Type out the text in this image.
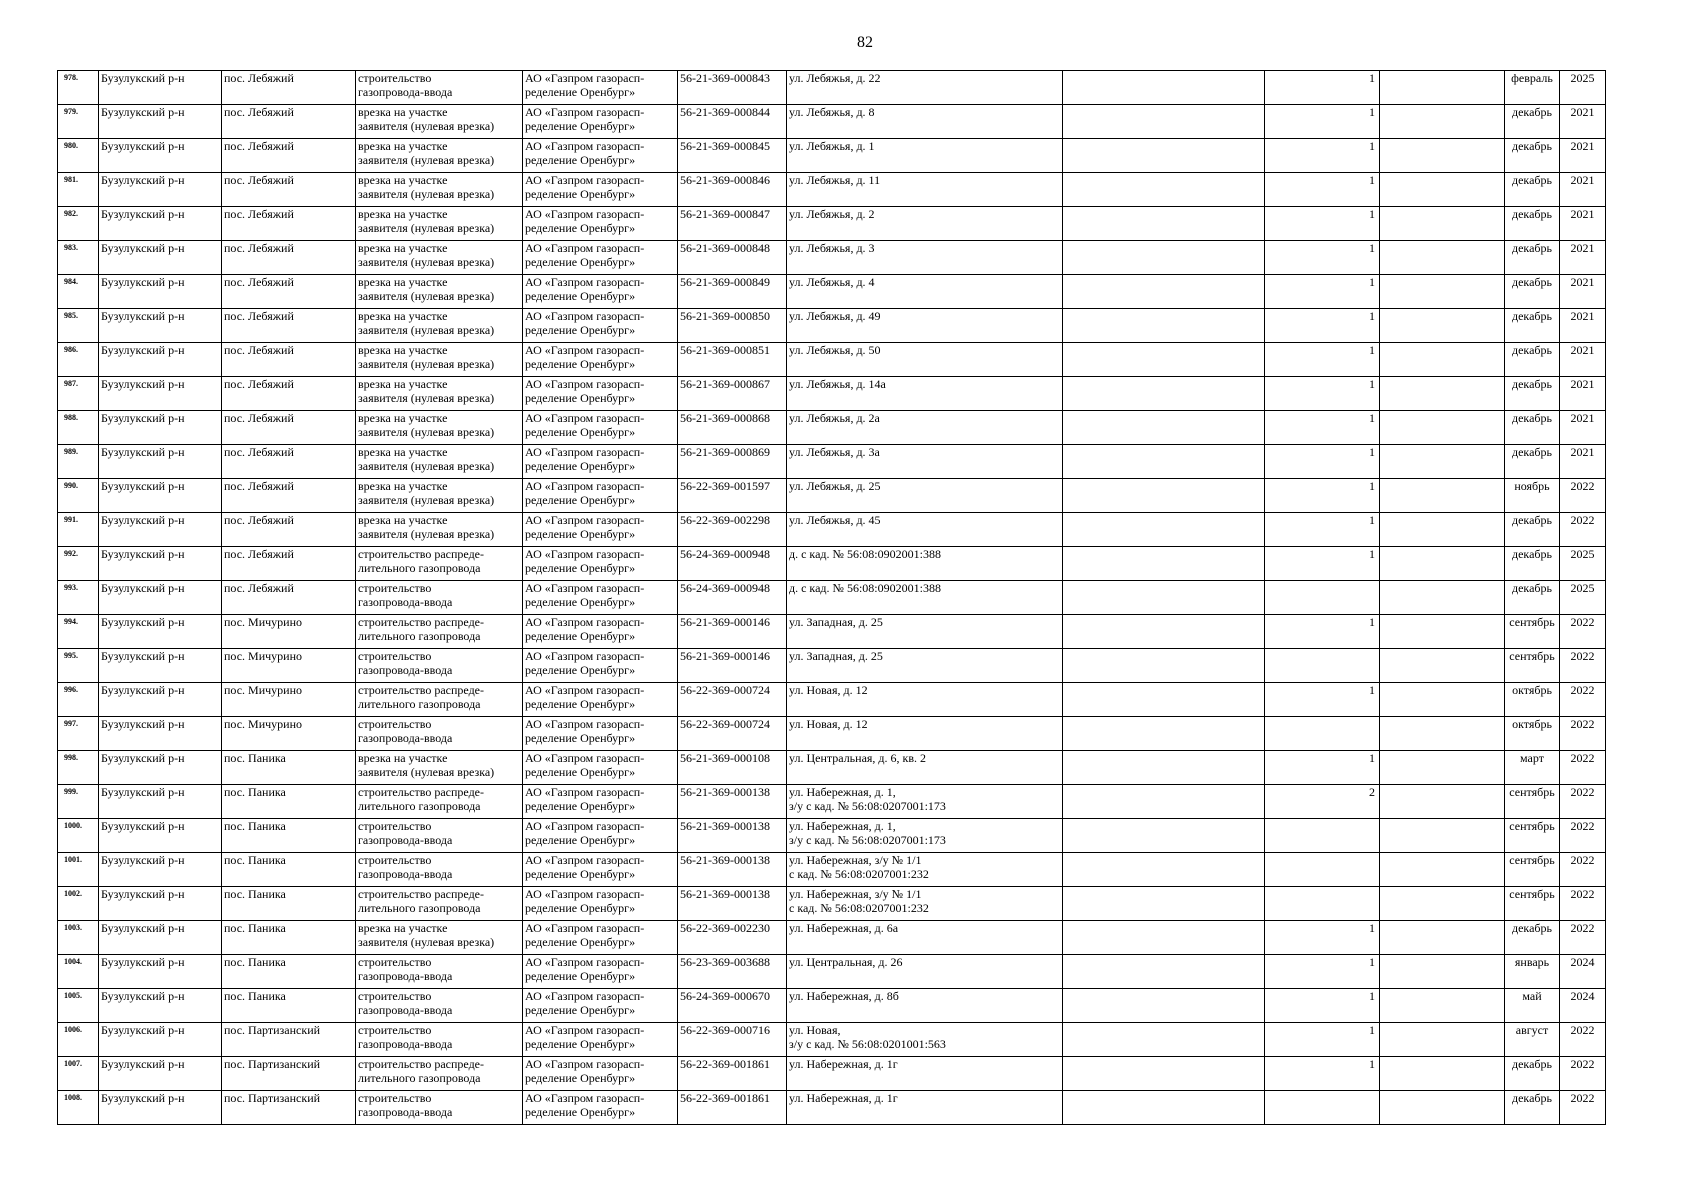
82
978.	Бузулукский р-н	пос. Лебяжий	строительство
газопровода-ввода	АО «Газпром газорасп-
ределение Оренбург»	56-21-369-000843	ул. Лебяжья, д. 22		1		февраль	2025
979.	Бузулукский р-н	пос. Лебяжий	врезка на участке
заявителя (нулевая врезка)	АО «Газпром газорасп-
ределение Оренбург»	56-21-369-000844	ул. Лебяжья, д. 8		1		декабрь	2021
980.	Бузулукский р-н	пос. Лебяжий	врезка на участке
заявителя (нулевая врезка)	АО «Газпром газорасп-
ределение Оренбург»	56-21-369-000845	ул. Лебяжья, д. 1		1		декабрь	2021
981.	Бузулукский р-н	пос. Лебяжий	врезка на участке
заявителя (нулевая врезка)	АО «Газпром газорасп-
ределение Оренбург»	56-21-369-000846	ул. Лебяжья, д. 11		1		декабрь	2021
982.	Бузулукский р-н	пос. Лебяжий	врезка на участке
заявителя (нулевая врезка)	АО «Газпром газорасп-
ределение Оренбург»	56-21-369-000847	ул. Лебяжья, д. 2		1		декабрь	2021
983.	Бузулукский р-н	пос. Лебяжий	врезка на участке
заявителя (нулевая врезка)	АО «Газпром газорасп-
ределение Оренбург»	56-21-369-000848	ул. Лебяжья, д. 3		1		декабрь	2021
984.	Бузулукский р-н	пос. Лебяжий	врезка на участке
заявителя (нулевая врезка)	АО «Газпром газорасп-
ределение Оренбург»	56-21-369-000849	ул. Лебяжья, д. 4		1		декабрь	2021
985.	Бузулукский р-н	пос. Лебяжий	врезка на участке
заявителя (нулевая врезка)	АО «Газпром газорасп-
ределение Оренбург»	56-21-369-000850	ул. Лебяжья, д. 49		1		декабрь	2021
986.	Бузулукский р-н	пос. Лебяжий	врезка на участке
заявителя (нулевая врезка)	АО «Газпром газорасп-
ределение Оренбург»	56-21-369-000851	ул. Лебяжья, д. 50		1		декабрь	2021
987.	Бузулукский р-н	пос. Лебяжий	врезка на участке
заявителя (нулевая врезка)	АО «Газпром газорасп-
ределение Оренбург»	56-21-369-000867	ул. Лебяжья, д. 14а		1		декабрь	2021
988.	Бузулукский р-н	пос. Лебяжий	врезка на участке
заявителя (нулевая врезка)	АО «Газпром газорасп-
ределение Оренбург»	56-21-369-000868	ул. Лебяжья, д. 2а		1		декабрь	2021
989.	Бузулукский р-н	пос. Лебяжий	врезка на участке
заявителя (нулевая врезка)	АО «Газпром газорасп-
ределение Оренбург»	56-21-369-000869	ул. Лебяжья, д. 3а		1		декабрь	2021
990.	Бузулукский р-н	пос. Лебяжий	врезка на участке
заявителя (нулевая врезка)	АО «Газпром газорасп-
ределение Оренбург»	56-22-369-001597	ул. Лебяжья, д. 25		1		ноябрь	2022
991.	Бузулукский р-н	пос. Лебяжий	врезка на участке
заявителя (нулевая врезка)	АО «Газпром газорасп-
ределение Оренбург»	56-22-369-002298	ул. Лебяжья, д. 45		1		декабрь	2022
992.	Бузулукский р-н	пос. Лебяжий	строительство распреде-
лительного газопровода	АО «Газпром газорасп-
ределение Оренбург»	56-24-369-000948	д. с кад. № 56:08:0902001:388		1		декабрь	2025
993.	Бузулукский р-н	пос. Лебяжий	строительство
газопровода-ввода	АО «Газпром газорасп-
ределение Оренбург»	56-24-369-000948	д. с кад. № 56:08:0902001:388				декабрь	2025
994.	Бузулукский р-н	пос. Мичурино	строительство распреде-
лительного газопровода	АО «Газпром газорасп-
ределение Оренбург»	56-21-369-000146	ул. Западная, д. 25		1		сентябрь	2022
995.	Бузулукский р-н	пос. Мичурино	строительство
газопровода-ввода	АО «Газпром газорасп-
ределение Оренбург»	56-21-369-000146	ул. Западная, д. 25				сентябрь	2022
996.	Бузулукский р-н	пос. Мичурино	строительство распреде-
лительного газопровода	АО «Газпром газорасп-
ределение Оренбург»	56-22-369-000724	ул. Новая, д. 12		1		октябрь	2022
997.	Бузулукский р-н	пос. Мичурино	строительство
газопровода-ввода	АО «Газпром газорасп-
ределение Оренбург»	56-22-369-000724	ул. Новая, д. 12				октябрь	2022
998.	Бузулукский р-н	пос. Паника	врезка на участке
заявителя (нулевая врезка)	АО «Газпром газорасп-
ределение Оренбург»	56-21-369-000108	ул. Центральная, д. 6, кв. 2		1		март	2022
999.	Бузулукский р-н	пос. Паника	строительство распреде-
лительного газопровода	АО «Газпром газорасп-
ределение Оренбург»	56-21-369-000138	ул. Набережная, д. 1,
з/у с кад. № 56:08:0207001:173		2		сентябрь	2022
1000.	Бузулукский р-н	пос. Паника	строительство
газопровода-ввода	АО «Газпром газорасп-
ределение Оренбург»	56-21-369-000138	ул. Набережная, д. 1,
з/у с кад. № 56:08:0207001:173				сентябрь	2022
1001.	Бузулукский р-н	пос. Паника	строительство
газопровода-ввода	АО «Газпром газорасп-
ределение Оренбург»	56-21-369-000138	ул. Набережная, з/у № 1/1
с кад. № 56:08:0207001:232				сентябрь	2022
1002.	Бузулукский р-н	пос. Паника	строительство распреде-
лительного газопровода	АО «Газпром газорасп-
ределение Оренбург»	56-21-369-000138	ул. Набережная, з/у № 1/1
с кад. № 56:08:0207001:232				сентябрь	2022
1003.	Бузулукский р-н	пос. Паника	врезка на участке
заявителя (нулевая врезка)	АО «Газпром газорасп-
ределение Оренбург»	56-22-369-002230	ул. Набережная, д. 6а		1		декабрь	2022
1004.	Бузулукский р-н	пос. Паника	строительство
газопровода-ввода	АО «Газпром газорасп-
ределение Оренбург»	56-23-369-003688	ул. Центральная, д. 26		1		январь	2024
1005.	Бузулукский р-н	пос. Паника	строительство
газопровода-ввода	АО «Газпром газорасп-
ределение Оренбург»	56-24-369-000670	ул. Набережная, д. 8б		1		май	2024
1006.	Бузулукский р-н	пос. Партизанский	строительство
газопровода-ввода	АО «Газпром газорасп-
ределение Оренбург»	56-22-369-000716	ул. Новая,
з/у с кад. № 56:08:0201001:563		1		август	2022
1007.	Бузулукский р-н	пос. Партизанский	строительство распреде-
лительного газопровода	АО «Газпром газорасп-
ределение Оренбург»	56-22-369-001861	ул. Набережная, д. 1г		1		декабрь	2022
1008.	Бузулукский р-н	пос. Партизанский	строительство
газопровода-ввода	АО «Газпром газорасп-
ределение Оренбург»	56-22-369-001861	ул. Набережная, д. 1г				декабрь	2022
